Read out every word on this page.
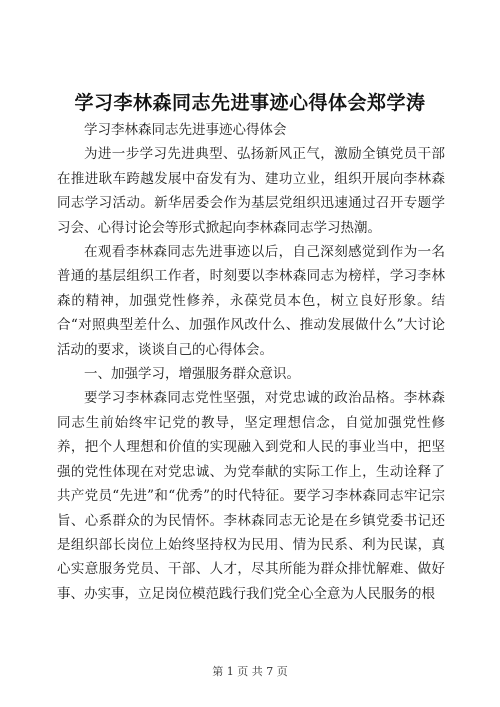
学习李林森同志先进事迹心得体会郑学涛

学习李林森同志先进事迹心得体会

为进一步学习先进典型、弘扬新风正气，激励全镇党员干部在推进耿车跨越发展中奋发有为、建功立业，组织开展向李林森同志学习活动。新华居委会作为基层党组织迅速通过召开专题学习会、心得讨论会等形式掀起向李林森同志学习热潮。

在观看李林森同志先进事迹以后，自己深刻感觉到作为一名普通的基层组织工作者，时刻要以李林森同志为榜样，学习李林森的精神，加强党性修养，永葆党员本色，树立良好形象。结合“对照典型差什么、加强作风改什么、推动发展做什么”大讨论活动的要求，谈谈自己的心得体会。

一、加强学习，增强服务群众意识。

要学习李林森同志党性坚强，对党忠诚的政治品格。李林森同志生前始终牢记党的教导，坚定理想信念，自觉加强党性修养，把个人理想和价值的实现融入到党和人民的事业当中，把坚强的党性体现在对党忠诚、为党奉献的实际工作上，生动诠释了共产党员“先进”和“优秀”的时代特征。要学习李林森同志牢记宗旨、心系群众的为民情怀。李林森同志无论是在乡镇党委书记还是组织部长岗位上始终坚持权为民用、情为民系、利为民谋，真心实意服务党员、干部、人才，尽其所能为群众排忧解难、做好事、办实事，立足岗位模范践行我们党全心全意为人民服务的根

第 1 页 共 7 页
